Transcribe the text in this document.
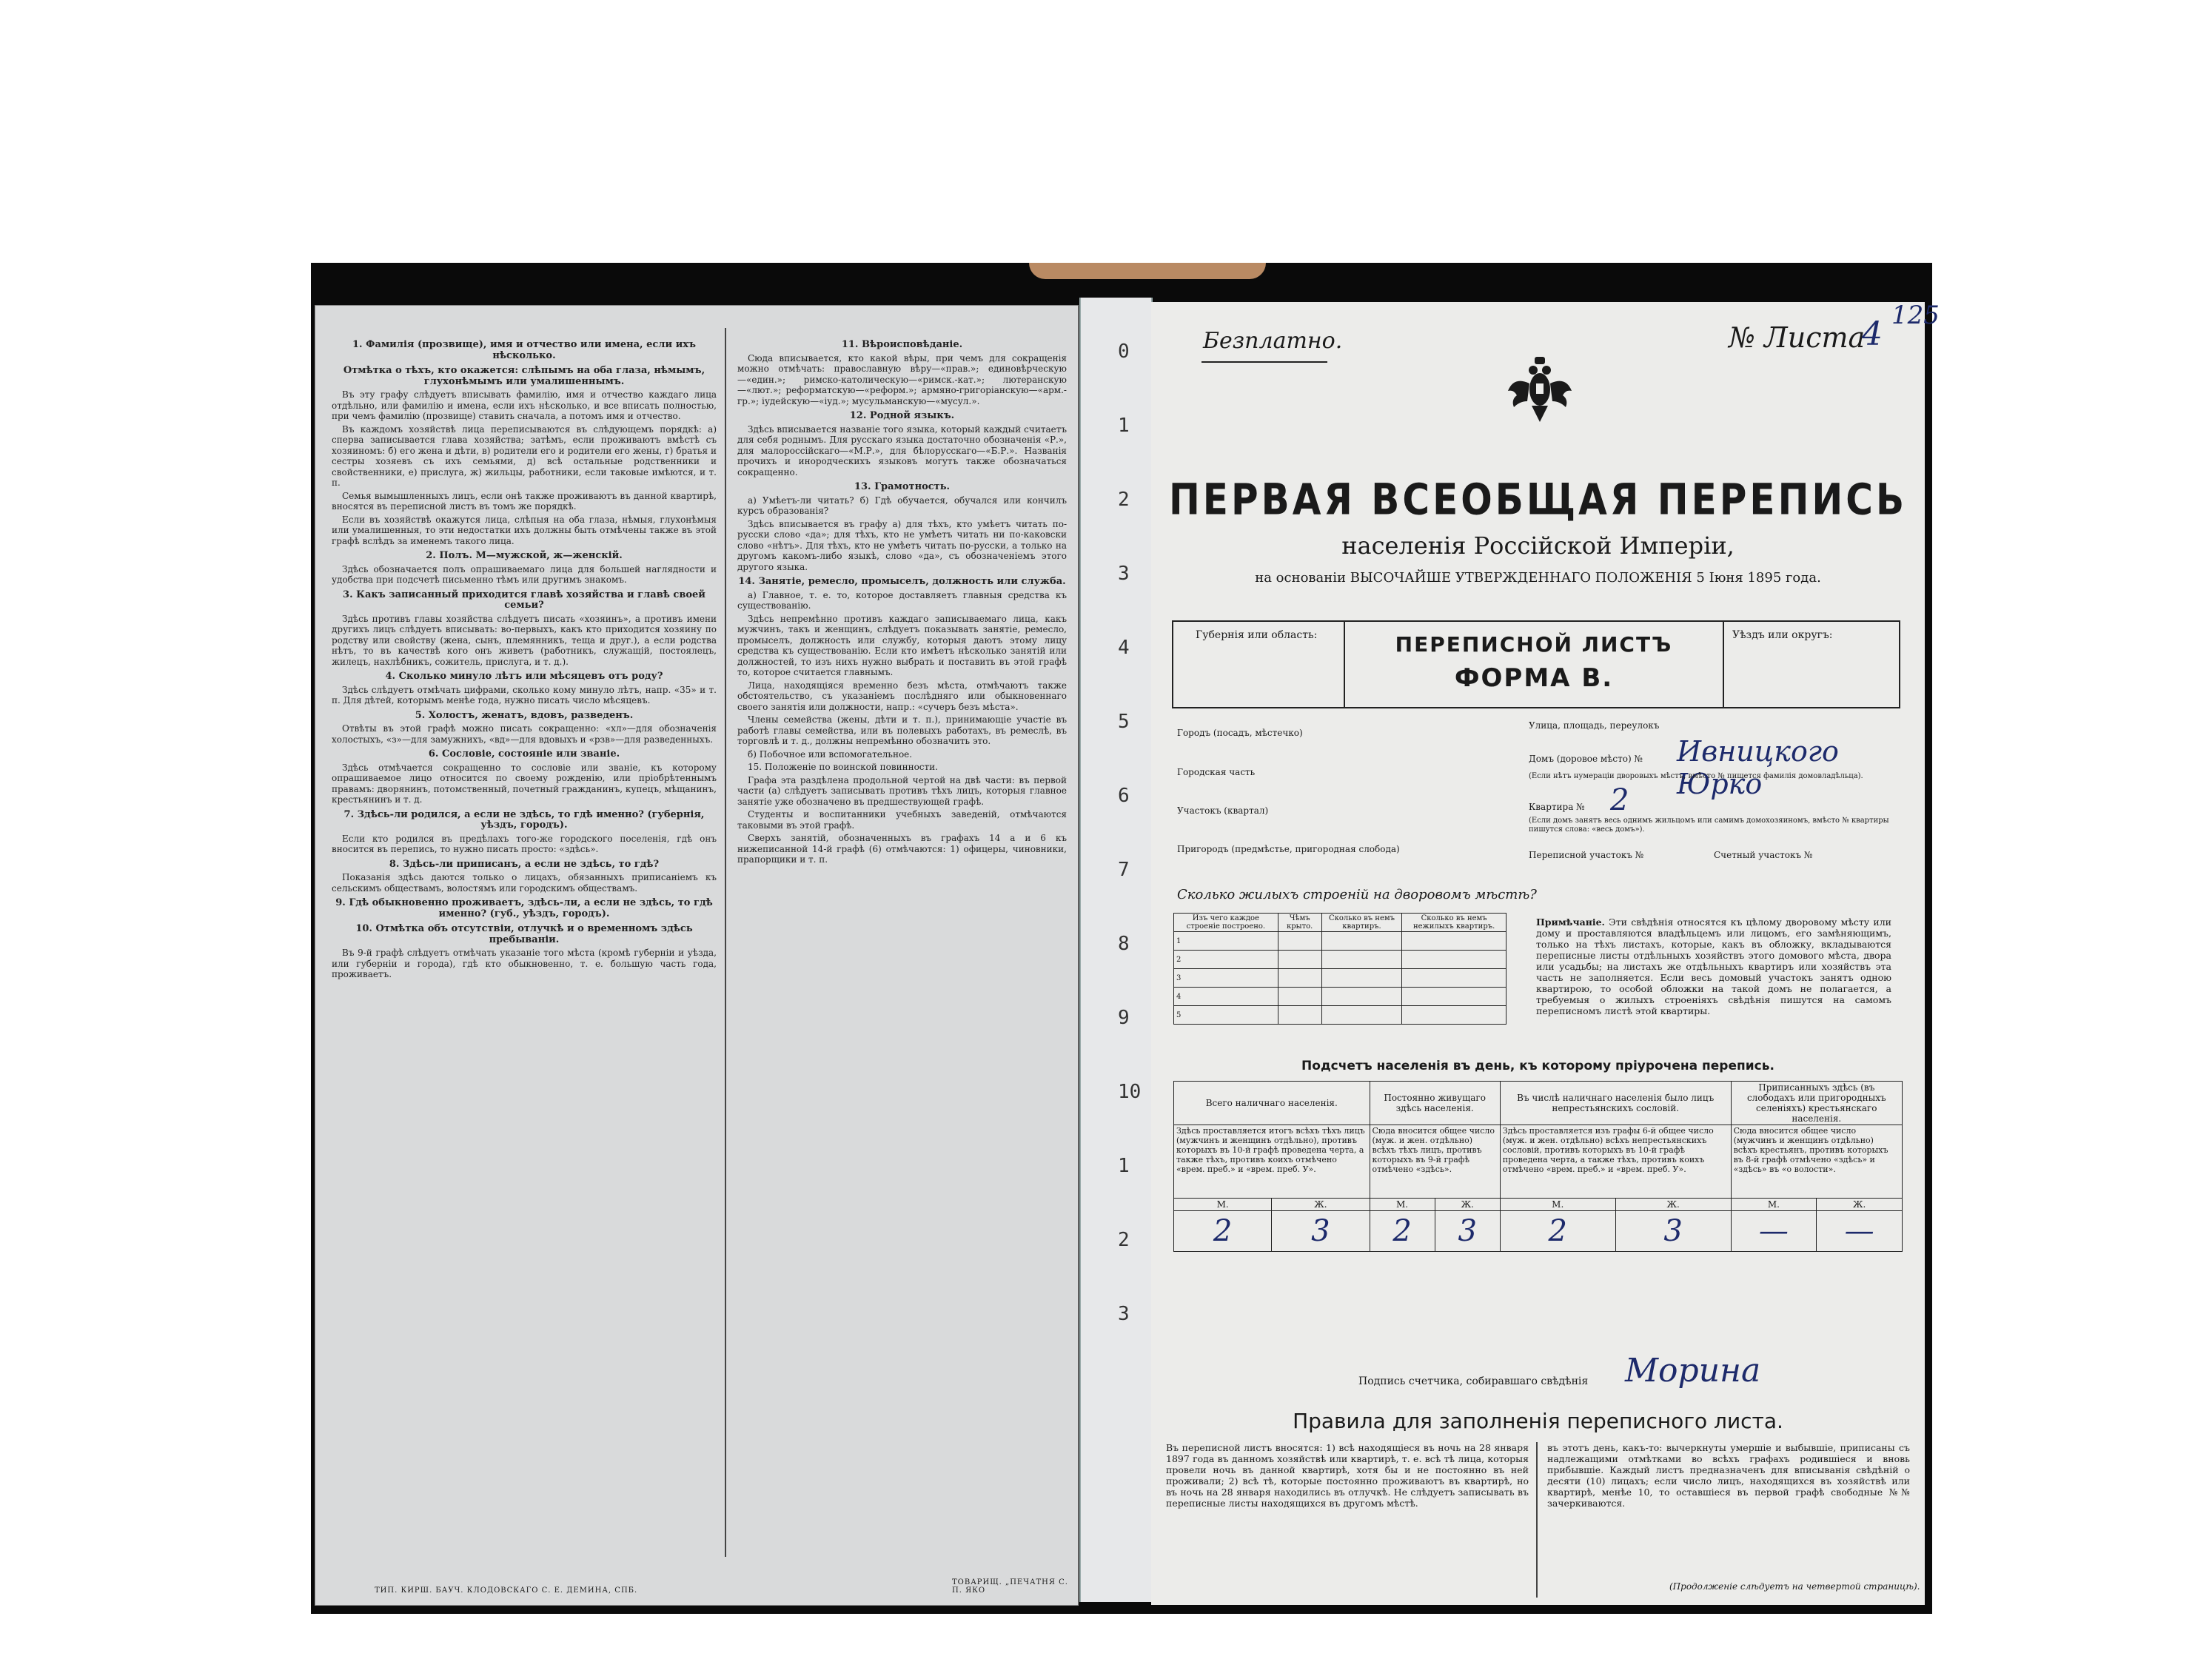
1. Фамилія (прозвище), имя и отчество или имена, если ихъ нѣсколько.
Отмѣтка о тѣхъ, кто окажется: слѣпымъ на оба глаза, нѣмымъ, глухонѣмымъ или умалишеннымъ.

Въ эту графу слѣдуетъ вписывать фамилію, имя и отчество каждаго лица отдѣльно, или фамилію и имена, если ихъ нѣсколько, и все вписать полностью, при чемъ фамилію (прозвище) ставить сначала, а потомъ имя и отчество.

Въ каждомъ хозяйствѣ лица переписываются въ слѣдующемъ порядкѣ: а) сперва записывается глава хозяйства; затѣмъ, если проживаютъ вмѣстѣ съ хозяиномъ: б) его жена и дѣти, в) родители его и родители его жены, г) братья и сестры хозяевъ съ ихъ семьями, д) всѣ остальные родственники и свойственники, е) прислуга, ж) жильцы, работники, если таковые имѣются, и т. п.

Семья вымышленныхъ лицъ, если онѣ также проживаютъ въ данной квартирѣ, вносятся въ переписной листъ въ томъ же порядкѣ.

Если въ хозяйствѣ окажутся лица, слѣпыя на оба глаза, нѣмыя, глухонѣмыя или умалишенныя, то эти недостатки ихъ должны быть отмѣчены также въ этой графѣ вслѣдъ за именемъ такого лица.

2. Полъ. М—мужской, ж—женскій.

Здѣсь обозначается полъ опрашиваемаго лица для большей наглядности и удобства при подсчетѣ письменно тѣмъ или другимъ знакомъ.

3. Какъ записанный приходится главѣ хозяйства и главѣ своей семьи?

Здѣсь противъ главы хозяйства слѣдуетъ писать «хозяинъ», а противъ имени другихъ лицъ слѣдуетъ вписывать: во-первыхъ, какъ кто приходится хозяину по родству или свойству (жена, сынъ, племянникъ, теща и друг.), а если родства нѣтъ, то въ качествѣ кого онъ живетъ (работникъ, служащій, постоялецъ, жилецъ, нахлѣбникъ, сожитель, прислуга, и т. д.).

4. Сколько минуло лѣтъ или мѣсяцевъ отъ роду?

Здѣсь слѣдуетъ отмѣчать цифрами, сколько кому минуло лѣтъ, напр. «35» и т. п. Для дѣтей, которымъ менѣе года, нужно писать число мѣсяцевъ.

5. Холостъ, женатъ, вдовъ, разведенъ.

Отвѣты въ этой графѣ можно писать сокращенно: «хл»—для обозначенія холостыхъ, «з»—для замужнихъ, «вд»—для вдовыхъ и «рзв»—для разведенныхъ.

6. Сословіе, состояніе или званіе.

Здѣсь отмѣчается сокращенно то сословіе или званіе, къ которому опрашиваемое лицо относится по своему рожденію, или пріобрѣтеннымъ правамъ: дворянинъ, потомственный, почетный гражданинъ, купецъ, мѣщанинъ, крестьянинъ и т. д.

7. Здѣсь-ли родился, а если не здѣсь, то гдѣ именно? (губернія, уѣздъ, городъ).

Если кто родился въ предѣлахъ того-же городского поселенія, гдѣ онъ вносится въ перепись, то нужно писать просто: «здѣсь».

8. Здѣсь-ли приписанъ, а если не здѣсь, то гдѣ?

Показанія здѣсь даются только о лицахъ, обязанныхъ приписаніемъ къ сельскимъ обществамъ, волостямъ или городскимъ обществамъ.

9. Гдѣ обыкновенно проживаетъ, здѣсь-ли, а если не здѣсь, то гдѣ именно? (губ., уѣздъ, городъ).
10. Отмѣтка объ отсутствіи, отлучкѣ и о временномъ здѣсь пребываніи.

Въ 9-й графѣ слѣдуетъ отмѣчать указаніе того мѣста (кромѣ губерніи и уѣзда, или губерніи и города), гдѣ кто обыкновенно, т. е. большую часть года, проживаетъ.

11. Вѣроисповѣданіе.

Сюда вписывается, кто какой вѣры, при чемъ для сокращенія можно отмѣчать: православную вѣру—«прав.»; единовѣрческую—«един.»; римско-католическую—«римск.-кат.»; лютеранскую—«лют.»; реформатскую—«реформ.»; армяно-григоріанскую—«арм.-гр.»; іудейскую—«іуд.»; мусульманскую—«мусул.».

12. Родной языкъ.

Здѣсь вписывается названіе того языка, который каждый считаетъ для себя роднымъ. Для русскаго языка достаточно обозначенія «Р.», для малороссійскаго—«М.Р.», для бѣлорусскаго—«Б.Р.». Названія прочихъ и инородческихъ языковъ могутъ также обозначаться сокращенно.

13. Грамотность.

а) Умѣетъ-ли читать? б) Гдѣ обучается, обучался или кончилъ курсъ образованія?

Здѣсь вписывается въ графу а) для тѣхъ, кто умѣетъ читать по-русски слово «да»; для тѣхъ, кто не умѣетъ читать ни по-каковски слово «нѣтъ». Для тѣхъ, кто не умѣетъ читать по-русски, а только на другомъ какомъ-либо языкѣ, слово «да», съ обозначеніемъ этого другого языка.

14. Занятіе, ремесло, промыселъ, должность или служба.

а) Главное, т. е. то, которое доставляетъ главныя средства къ существованію.

Здѣсь непремѣнно противъ каждаго записываемаго лица, какъ мужчинъ, такъ и женщинъ, слѣдуетъ показывать занятіе, ремесло, промыселъ, должность или службу, которыя даютъ этому лицу средства къ существованію. Если кто имѣетъ нѣсколько занятій или должностей, то изъ нихъ нужно выбрать и поставить въ этой графѣ то, которое считается главнымъ.

Лица, находящіяся временно безъ мѣста, отмѣчаютъ также обстоятельство, съ указаніемъ послѣдняго или обыкновеннаго своего занятія или должности, напр.: «сучеръ безъ мѣста».

Члены семейства (жены, дѣти и т. п.), принимающіе участіе въ работѣ главы семейства, или въ полевыхъ работахъ, въ ремеслѣ, въ торговлѣ и т. д., должны непремѣнно обозначить это.

б) Побочное или вспомогательное.

15. Положеніе по воинской повинности.

Графа эта раздѣлена продольной чертой на двѣ части: въ первой части (а) слѣдуетъ записывать противъ тѣхъ лицъ, которыя главное занятіе уже обозначено въ предшествующей графѣ.

Студенты и воспитанники учебныхъ заведеній, отмѣчаются таковыми въ этой графѣ.

Сверхъ занятій, обозначенныхъ въ графахъ 14 а и 6 къ нижеписанной 14-й графѣ (6) отмѣчаются: 1) офицеры, чиновники, прапорщики и т. п.

ТИП. КИРШ. БАУЧ. КЛОДОВСКАГО С. Е. ДЕМИНА, СПБ.
ТОВАРИЩ. „ПЕЧАТНЯ С. П. ЯКО
0
1
2
3
4
5
6
7
8
9
10
1
2
3
Безплатно.	№ Листа
4 125
ПЕРВАЯ ВСЕОБЩАЯ ПЕРЕПИСЬ
населенія Россійской Имперіи,
на основаніи ВЫСОЧАЙШЕ УТВЕРЖДЕННАГО ПОЛОЖЕНІЯ 5 Іюня 1895 года.
Губернія или область:	ПЕРЕПИСНОЙ ЛИСТЪ
ФОРМА В.
Уѣздъ или округъ:
Городъ (посадъ, мѣстечко)
Городская часть
Участокъ (квартал)
Пригородъ (предмѣстье, пригородная слобода)
Улица, площадь, переулокъ
Домъ (доровое мѣсто) № Ивницкого Юрко
(Если нѣтъ нумераціи дворовыхъ мѣстъ, вмѣсто № пишется фамилія домовладѣльца).
Квартира № 2
(Если домъ занятъ весь однимъ жильцомъ или самимъ домохозяиномъ, вмѣсто № квартиры пишутся слова: «весь домъ»).
Переписной участокъ №	Счетный участокъ №
Сколько жилыхъ строеній на дворовомъ мѣстѣ?
Изъ чего каждое строеніе построено.	Чѣмъ крыто.	Сколько въ немъ квартиръ.	Сколько въ немъ нежилыхъ квартиръ.
1			
2			
3			
4			
5			
Примѣчаніе. Эти свѣдѣнія относятся къ цѣлому дворовому мѣсту или дому и проставляются владѣльцемъ или лицомъ, его замѣняющимъ, только на тѣхъ листахъ, которые, какъ въ обложку, вкладываются переписные листы отдѣльныхъ хозяйствъ этого домового мѣста, двора или усадьбы; на листахъ же отдѣльныхъ квартиръ или хозяйствъ эта часть не заполняется. Если весь домовый участокъ занятъ одною квартирою, то особой обложки на такой домъ не полагается, а требуемыя о жилыхъ строеніяхъ свѣдѣнія пишутся на самомъ переписномъ листѣ этой квартиры.
Подсчетъ населенія въ день, къ которому пріурочена перепись.
Всего наличнаго населенія.		Постоянно живущаго здѣсь населенія.		Въ числѣ наличнаго населенія было лицъ непрестьянскихъ сословій.		Приписанныхъ здѣсь (въ слободахъ или пригородныхъ селеніяхъ) крестьянскаго населенія.	
Здѣсь проставляется итогъ всѣхъ тѣхъ лицъ (мужчинъ и женщинъ отдѣльно), противъ которыхъ въ 10-й графѣ проведена черта, а также тѣхъ, противъ коихъ отмѣчено «врем. преб.» и «врем. преб. У».		Сюда вносится общее число (муж. и жен. отдѣльно) всѣхъ тѣхъ лицъ, противъ которыхъ въ 9-й графѣ отмѣчено «здѣсь».		Здѣсь проставляется изъ графы 6-й общее число (муж. и жен. отдѣльно) всѣхъ непрестьянскихъ сословій, противъ которыхъ въ 10-й графѣ проведена черта, а также тѣхъ, противъ коихъ отмѣчено «врем. преб.» и «врем. преб. У».		Сюда вносится общее число (мужчинъ и женщинъ отдѣльно) всѣхъ крестьянъ, противъ которыхъ въ 8-й графѣ отмѣчено «здѣсь» и «здѣсь» въ «о волости».	
М.	Ж.	М.	Ж.	М.	Ж.	М.	Ж.
2	3	2	3	2	3	—	—
Подпись счетчика, собиравшаго свѣдѣнія Морина
Правила для заполненія переписного листа.
Въ переписной листъ вносятся: 1) всѣ находящіеся въ ночь на 28 января 1897 года въ данномъ хозяйствѣ или квартирѣ, т. е. всѣ тѣ лица, которыя провели ночь въ данной квартирѣ, хотя бы и не постоянно въ ней проживали; 2) всѣ тѣ, которые постоянно проживаютъ въ квартирѣ, но въ ночь на 28 января находились въ отлучкѣ. Не слѣдуетъ записывать въ переписные листы находящихся въ другомъ мѣстѣ.
въ этотъ день, какъ-то: вычеркнуты умершіе и выбывшіе, приписаны съ надлежащими отмѣтками во всѣхъ графахъ родившіеся и вновь прибывшіе. Каждый листъ предназначенъ для вписыванія свѣдѣній о десяти (10) лицахъ; если число лицъ, находящихся въ хозяйствѣ или квартирѣ, менѣе 10, то оставшіеся въ первой графѣ свободные №№ зачеркиваются.
(Продолженіе слѣдуетъ на четвертой страницѣ).
